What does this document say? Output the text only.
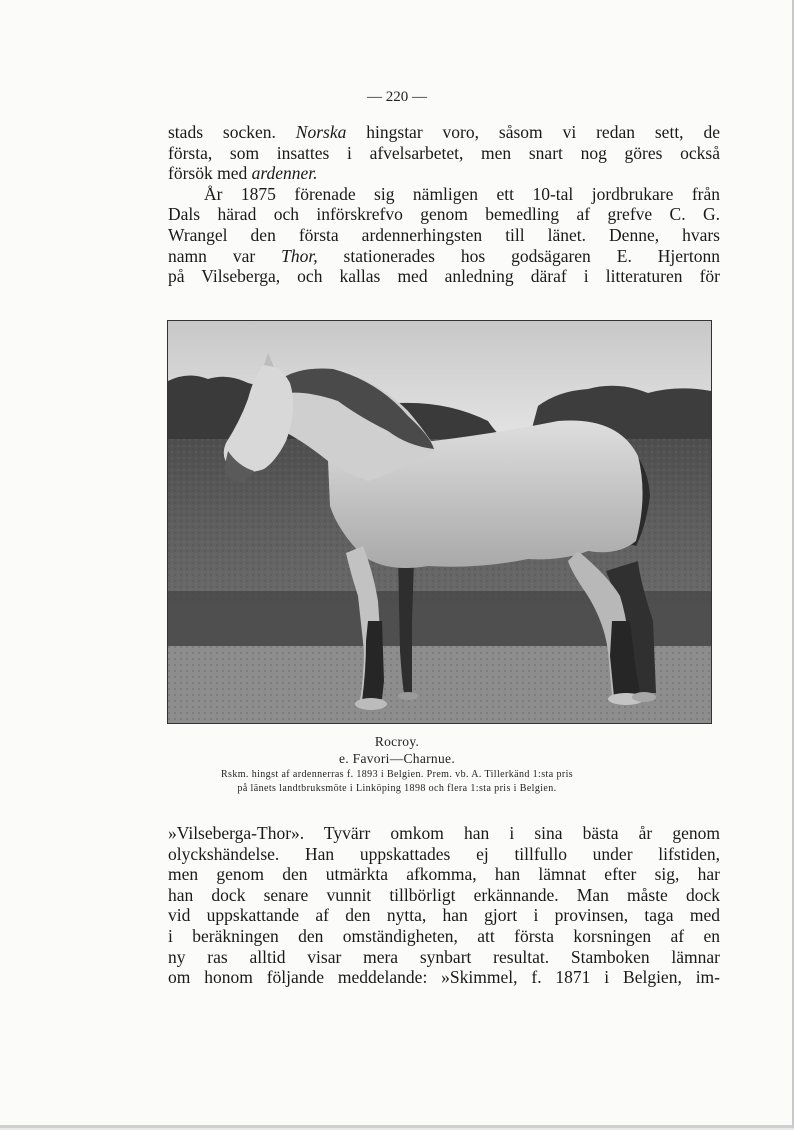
— 220 —
stads socken. Norska hingstar voro, såsom vi redan sett, de
första, som insattes i afvelsarbetet, men snart nog göres också
försök med ardenner.
År 1875 förenade sig nämligen ett 10-tal jordbrukare från
Dals härad och införskrefvo genom bemedling af grefve C. G.
Wrangel den första ardennerhingsten till länet. Denne, hvars
namn var Thor, stationerades hos godsägaren E. Hjertonn
på Vilseberga, och kallas med anledning däraf i litteraturen för
Rocroy.
e. Favori—Charnue.
Rskm. hingst af ardennerras f. 1893 i Belgien. Prem. vb. A. Tillerkänd 1:sta pris
på länets landtbruksmöte i Linköping 1898 och flera 1:sta pris i Belgien.
»Vilseberga-Thor». Tyvärr omkom han i sina bästa år genom
olyckshändelse. Han uppskattades ej tillfullo under lifstiden,
men genom den utmärkta afkomma, han lämnat efter sig, har
han dock senare vunnit tillbörligt erkännande. Man måste dock
vid uppskattande af den nytta, han gjort i provinsen, taga med
i beräkningen den omständigheten, att första korsningen af en
ny ras alltid visar mera synbart resultat. Stamboken lämnar
om honom följande meddelande: »Skimmel, f. 1871 i Belgien, im-
